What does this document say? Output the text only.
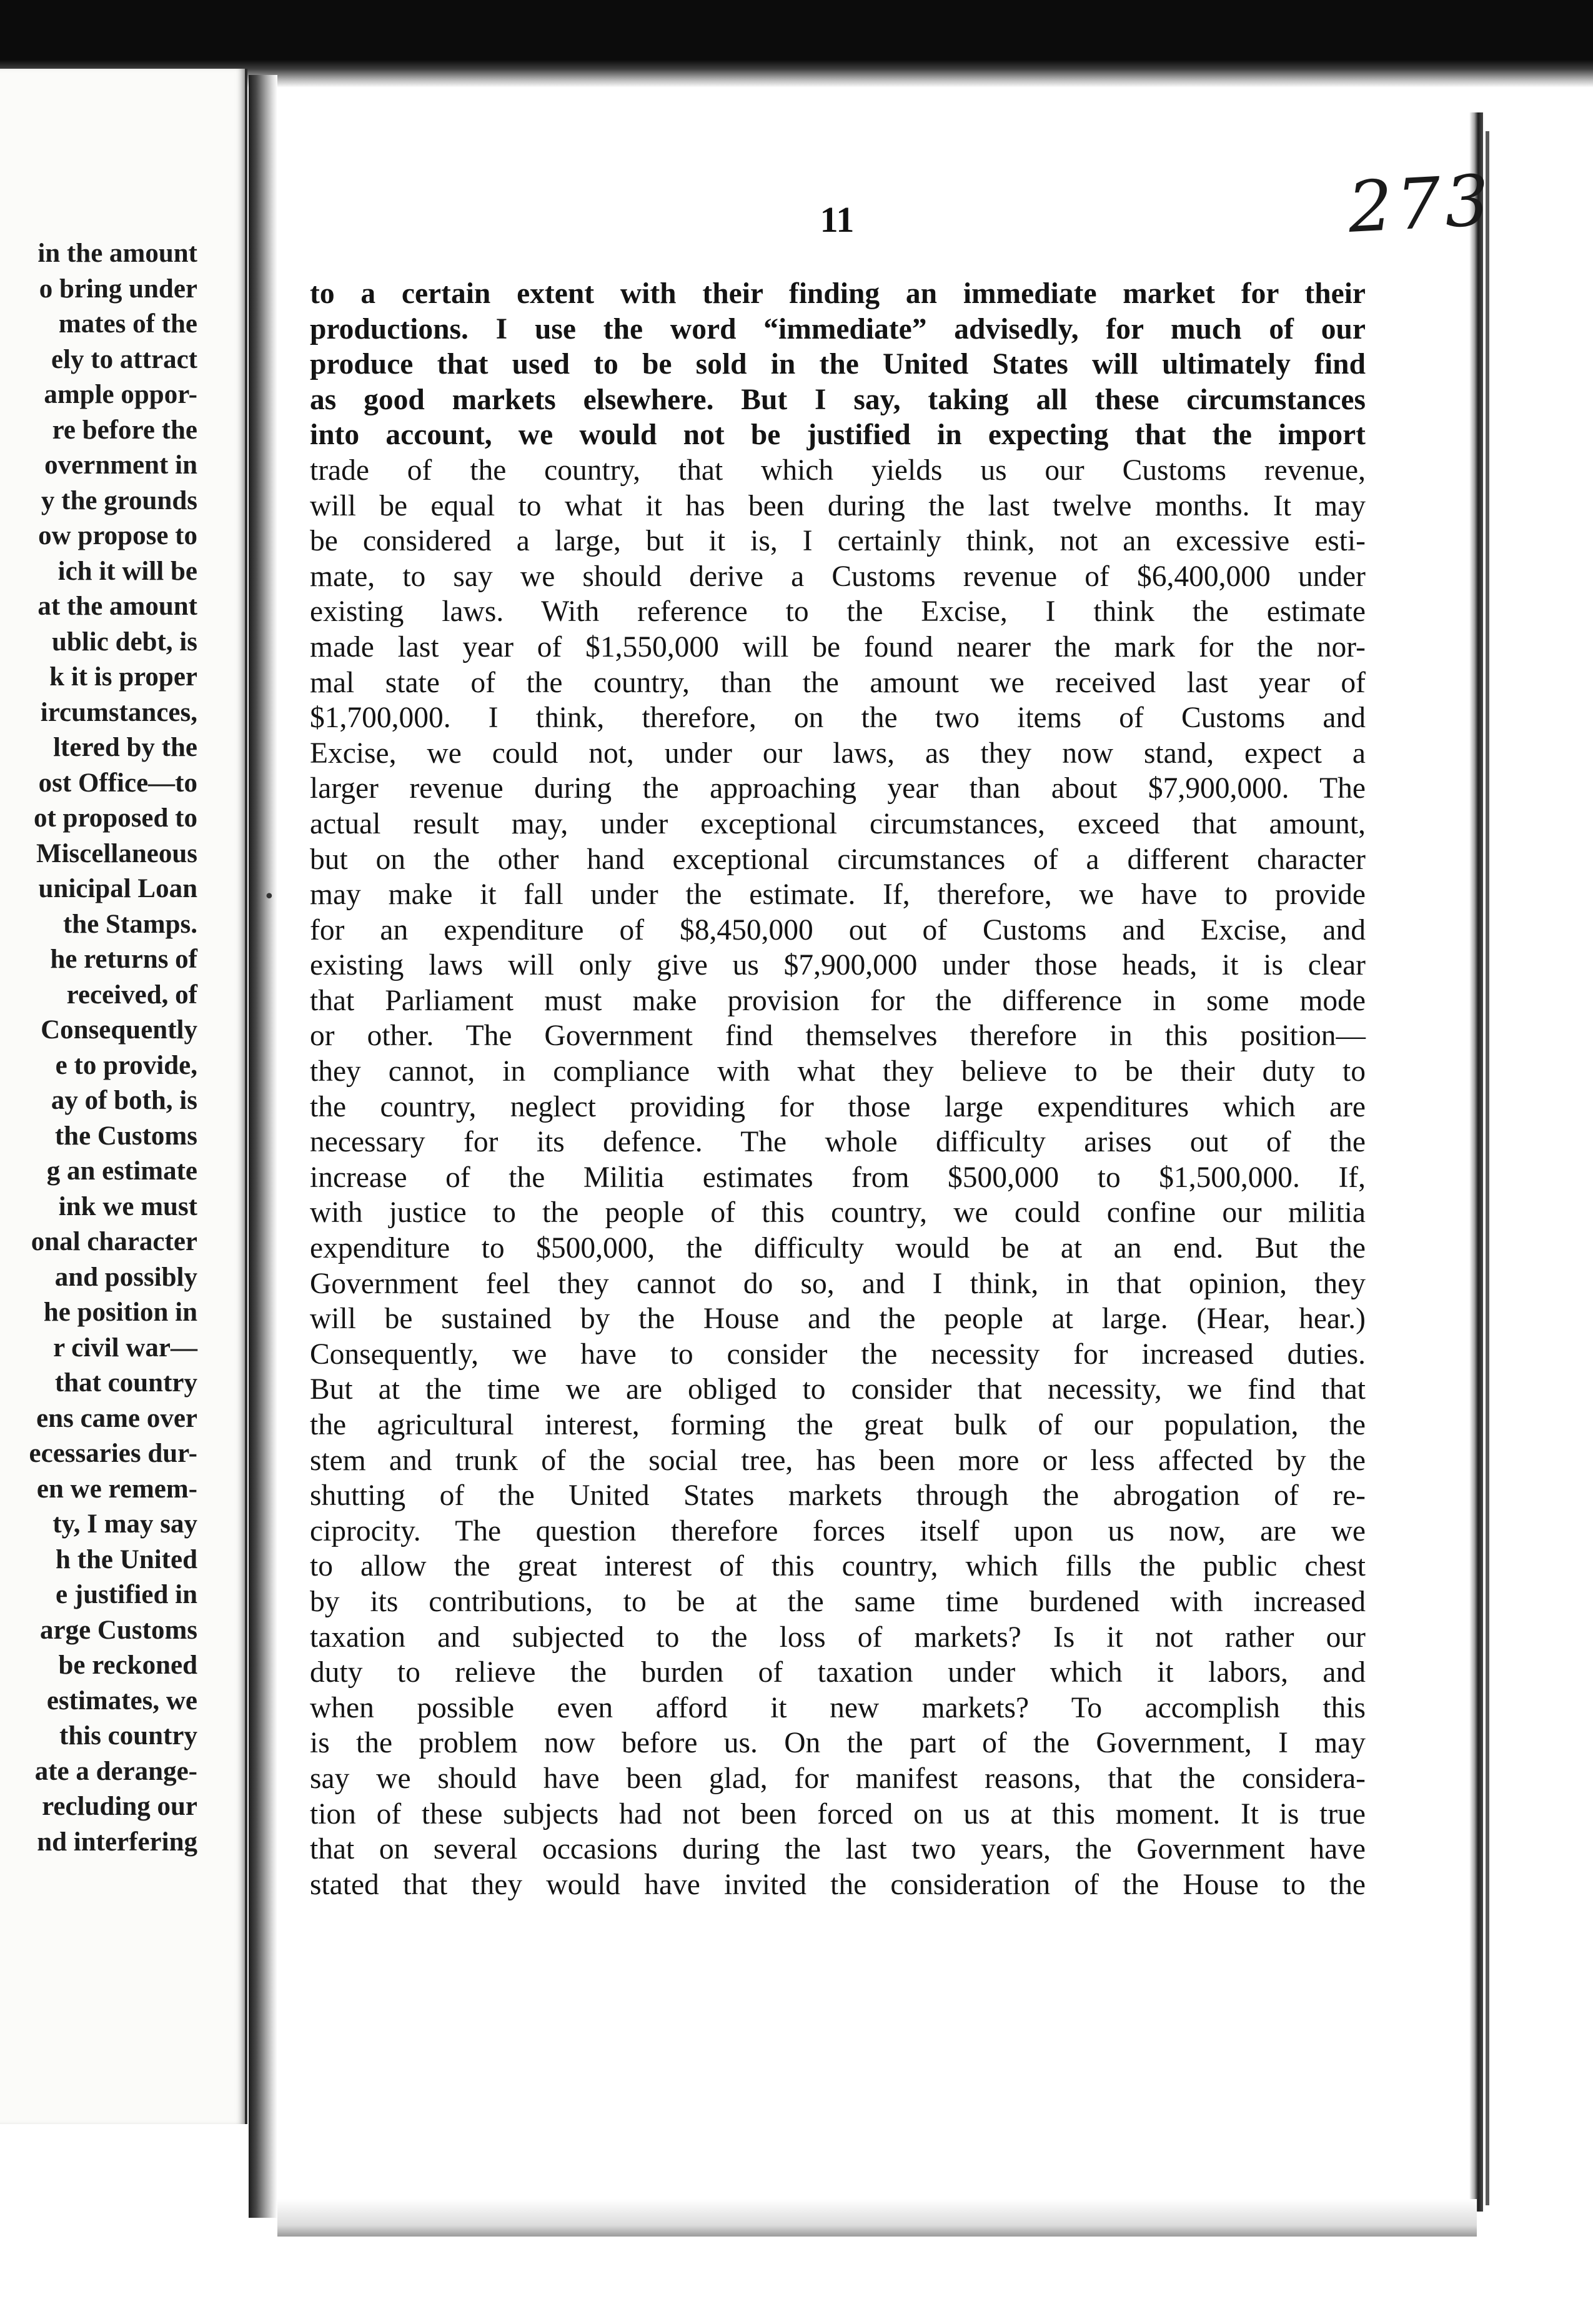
in the amount
o bring under
mates of the
ely to attract
ample oppor-
re before the
overnment in
y the grounds
ow propose to
ich it will be
at the amount
ublic debt, is
k it is proper
ircumstances,
ltered by the
ost Office—to
ot proposed to
Miscellaneous
unicipal Loan
the Stamps.
he returns of
received, of
Consequently
e to provide,
ay of both, is
the Customs
g an estimate
ink we must
onal character
and possibly
he position in
r civil war—
that country
ens came over
ecessaries dur-
en we remem-
ty, I may say
h the United
e justified in
arge Customs
be reckoned
estimates, we
this country
ate a derange-
recluding our
nd interfering
11	273
•
to a certain extent with their finding an immediate market for their
productions. I use the word “immediate” advisedly, for much of our
produce that used to be sold in the United States will ultimately find
as good markets elsewhere. But I say, taking all these circumstances
into account, we would not be justified in expecting that the import
trade of the country, that which yields us our Customs revenue,
will be equal to what it has been during the last twelve months. It may
be considered a large, but it is, I certainly think, not an excessive esti-
mate, to say we should derive a Customs revenue of $6,400,000 under
existing laws. With reference to the Excise, I think the estimate
made last year of $1,550,000 will be found nearer the mark for the nor-
mal state of the country, than the amount we received last year of
$1,700,000. I think, therefore, on the two items of Customs and
Excise, we could not, under our laws, as they now stand, expect a
larger revenue during the approaching year than about $7,900,000. The
actual result may, under exceptional circumstances, exceed that amount,
but on the other hand exceptional circumstances of a different character
may make it fall under the estimate. If, therefore, we have to provide
for an expenditure of $8,450,000 out of Customs and Excise, and
existing laws will only give us $7,900,000 under those heads, it is clear
that Parliament must make provision for the difference in some mode
or other. The Government find themselves therefore in this position—
they cannot, in compliance with what they believe to be their duty to
the country, neglect providing for those large expenditures which are
necessary for its defence. The whole difficulty arises out of the
increase of the Militia estimates from $500,000 to $1,500,000. If,
with justice to the people of this country, we could confine our militia
expenditure to $500,000, the difficulty would be at an end. But the
Government feel they cannot do so, and I think, in that opinion, they
will be sustained by the House and the people at large. (Hear, hear.)
Consequently, we have to consider the necessity for increased duties.
But at the time we are obliged to consider that necessity, we find that
the agricultural interest, forming the great bulk of our population, the
stem and trunk of the social tree, has been more or less affected by the
shutting of the United States markets through the abrogation of re-
ciprocity. The question therefore forces itself upon us now, are we
to allow the great interest of this country, which fills the public chest
by its contributions, to be at the same time burdened with increased
taxation and subjected to the loss of markets? Is it not rather our
duty to relieve the burden of taxation under which it labors, and
when possible even afford it new markets? To accomplish this
is the problem now before us. On the part of the Government, I may
say we should have been glad, for manifest reasons, that the considera-
tion of these subjects had not been forced on us at this moment. It is true
that on several occasions during the last two years, the Government have
stated that they would have invited the consideration of the House to the
